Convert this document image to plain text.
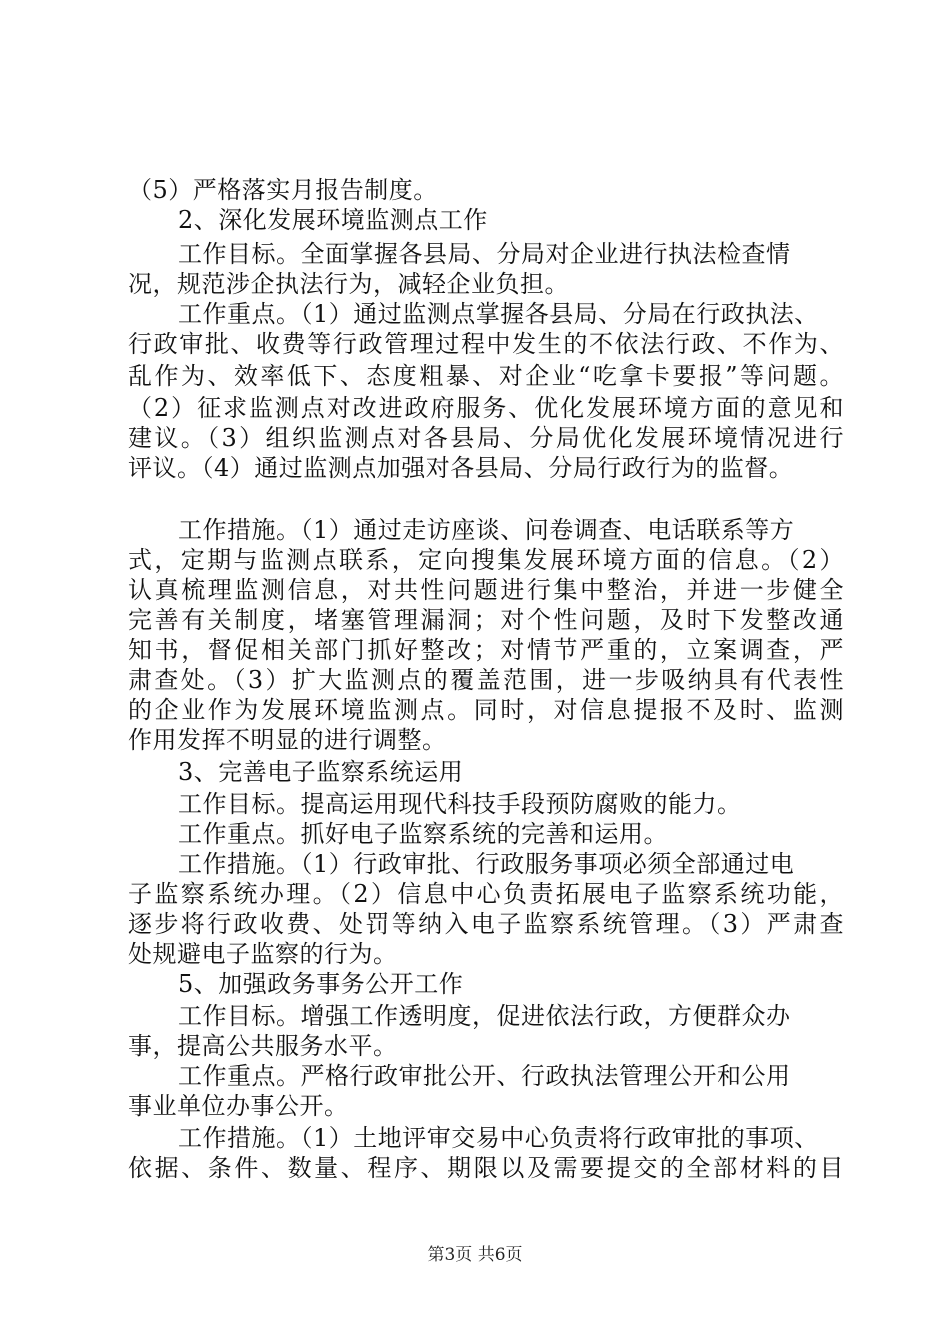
（5）严格落实月报告制度。
2、深化发展环境监测点工作
工作目标。全面掌握各县局、分局对企业进行执法检查情
况，规范涉企执法行为，减轻企业负担。
工作重点。（1）通过监测点掌握各县局、分局在行政执法、
行政审批、收费等行政管理过程中发生的不依法行政、不作为、
乱作为、效率低下、态度粗暴、对企业“吃拿卡要报”等问题。
（2）征求监测点对改进政府服务、优化发展环境方面的意见和
建议。（3）组织监测点对各县局、分局优化发展环境情况进行
评议。（4）通过监测点加强对各县局、分局行政行为的监督。
工作措施。（1）通过走访座谈、问卷调查、电话联系等方
式，定期与监测点联系，定向搜集发展环境方面的信息。（2）
认真梳理监测信息，对共性问题进行集中整治，并进一步健全
完善有关制度，堵塞管理漏洞；对个性问题，及时下发整改通
知书，督促相关部门抓好整改；对情节严重的，立案调查，严
肃查处。（3）扩大监测点的覆盖范围，进一步吸纳具有代表性
的企业作为发展环境监测点。同时，对信息提报不及时、监测
作用发挥不明显的进行调整。
3、完善电子监察系统运用
工作目标。提高运用现代科技手段预防腐败的能力。
工作重点。抓好电子监察系统的完善和运用。
工作措施。（1）行政审批、行政服务事项必须全部通过电
子监察系统办理。（2）信息中心负责拓展电子监察系统功能，
逐步将行政收费、处罚等纳入电子监察系统管理。（3）严肃查
处规避电子监察的行为。
5、加强政务事务公开工作
工作目标。增强工作透明度，促进依法行政，方便群众办
事，提高公共服务水平。
工作重点。严格行政审批公开、行政执法管理公开和公用
事业单位办事公开。
工作措施。（1）土地评审交易中心负责将行政审批的事项、
依据、条件、数量、程序、期限以及需要提交的全部材料的目
第3页 共6页
